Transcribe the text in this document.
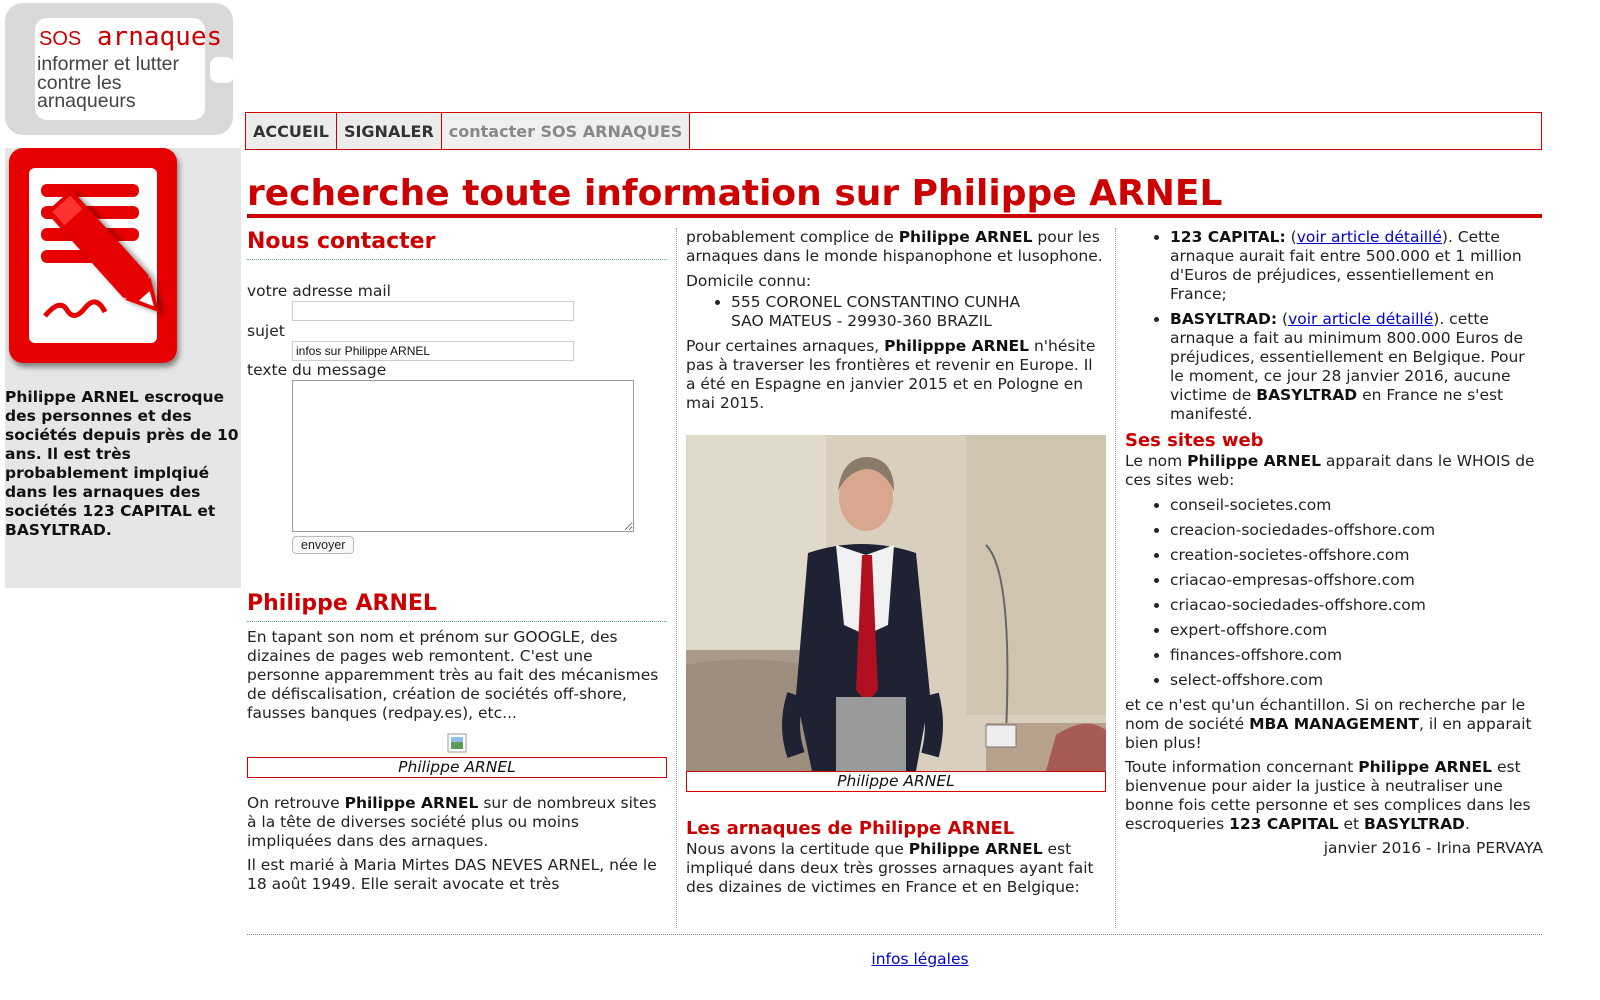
SOS arnaques
informer et lutter contre les arnaqueurs
Philippe ARNEL escroque des personnes et des sociétés depuis près de 10 ans. Il est très probablement implqiué dans les arnaques des sociétés 123 CAPITAL et BASYLTRAD.
ACCUEIL SIGNALER contacter SOS ARNAQUES
recherche toute information sur Philippe ARNEL
Nous contacter
votre adresse mail
sujet
infos sur Philippe ARNEL
texte du message
envoyer
Philippe ARNEL

En tapant son nom et prénom sur GOOGLE, des dizaines de pages web remontent. C'est une personne apparemment très au fait des mécanismes de défiscalisation, création de sociétés off-shore, fausses banques (redpay.es), etc...

Philippe ARNEL

On retrouve Philippe ARNEL sur de nombreux sites à la tête de diverses société plus ou moins impliquées dans des arnaques.

Il est marié à Maria Mirtes DAS NEVES ARNEL, née le 18 août 1949. Elle serait avocate et très

probablement complice de Philippe ARNEL pour les arnaques dans le monde hispanophone et lusophone.

Domicile connu:

• 555 CORONEL CONSTANTINO CUNHA
SAO MATEUS - 29930-360 BRAZIL

Pour certaines arnaques, Philipppe ARNEL n'hésite pas à traverser les frontières et revenir en Europe. Il a été en Espagne en janvier 2015 et en Pologne en mai 2015.

Philippe ARNEL
Les arnaques de Philippe ARNEL

Nous avons la certitude que Philippe ARNEL est impliqué dans deux très grosses arnaques ayant fait des dizaines de victimes en France et en Belgique:

• 123 CAPITAL: (voir article détaillé). Cette arnaque aurait fait entre 500.000 et 1 million d'Euros de préjudices, essentiellement en France;
• BASYLTRAD: (voir article détaillé). cette arnaque a fait au minimum 800.000 Euros de préjudices, essentiellement en Belgique. Pour le moment, ce jour 28 janvier 2016, aucune victime de BASYLTRAD en France ne s'est manifesté.
Ses sites web

Le nom Philippe ARNEL apparait dans le WHOIS de ces sites web:

• conseil-societes.com
• creacion-sociedades-offshore.com
• creation-societes-offshore.com
• criacao-empresas-offshore.com
• criacao-sociedades-offshore.com
• expert-offshore.com
• finances-offshore.com
• select-offshore.com

et ce n'est qu'un échantillon. Si on recherche par le nom de société MBA MANAGEMENT, il en apparait bien plus!

Toute information concernant Philippe ARNEL est bienvenue pour aider la justice à neutraliser une bonne fois cette personne et ses complices dans les escroqueries 123 CAPITAL et BASYLTRAD.

janvier 2016 - Irina PERVAYA

infos légales
